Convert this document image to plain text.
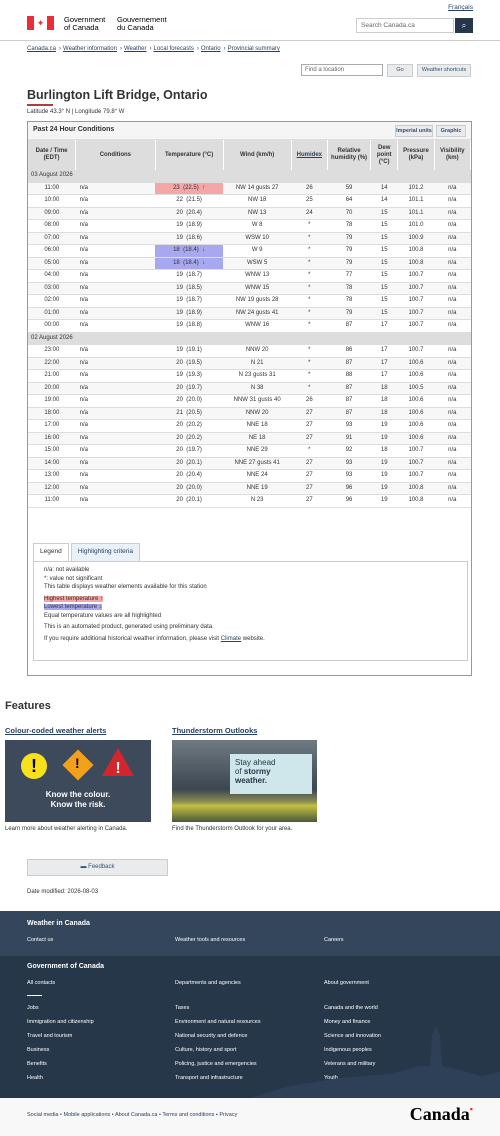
Français
✦	Government
of Canada
Gouvernement
du Canada	Search Canada.ca	⌕
Canada.ca › Weather information › Weather › Local forecasts › Ontario › Provincial summary
Find a location	Go	Weather shortcuts
Burlington Lift Bridge, Ontario
Latitude 43.3° N | Longitude 79.8° W
Past 24 Hour Conditions	Imperial units	Graphic
Date / Time (EDT)	Conditions	Temperature (°C)	Wind (km/h)	Humidex	Relative humidity (%)	Dew point (°C)	Pressure (kPa)	Visibility (km)
03 August 2026								
11:00	n/a	23  (22.5)  ↑	NW 14 gusts 27	26	59	14	101.2	n/a
10:00	n/a	22  (21.5)	NW 18	25	64	14	101.1	n/a
09:00	n/a	20  (20.4)	NW 13	24	70	15	101.1	n/a
08:00	n/a	19  (18.9)	W 8	*	78	15	101.0	n/a
07:00	n/a	19  (18.6)	WSW 10	*	79	15	100.9	n/a
06:00	n/a	18  (18.4)  ↓	W 9	*	79	15	100.8	n/a
05:00	n/a	18  (18.4)  ↓	WSW 5	*	79	15	100.8	n/a
04:00	n/a	19  (18.7)	WNW 13	*	77	15	100.7	n/a
03:00	n/a	19  (18.5)	WNW 15	*	78	15	100.7	n/a
02:00	n/a	19  (18.7)	NW 19 gusts 28	*	78	15	100.7	n/a
01:00	n/a	19  (18.9)	NW 24 gusts 41	*	79	15	100.7	n/a
00:00	n/a	19  (18.8)	WNW 16	*	87	17	100.7	n/a
02 August 2026								
23:00	n/a	19  (19.1)	NNW 20	*	86	17	100.7	n/a
22:00	n/a	20  (19.5)	N 21	*	87	17	100.6	n/a
21:00	n/a	19  (19.3)	N 23 gusts 31	*	88	17	100.6	n/a
20:00	n/a	20  (19.7)	N 38	*	87	18	100.5	n/a
19:00	n/a	20  (20.0)	NNW 31 gusts 40	26	87	18	100.6	n/a
18:00	n/a	21  (20.5)	NNW 20	27	87	18	100.6	n/a
17:00	n/a	20  (20.2)	NNE 18	27	93	19	100.6	n/a
16:00	n/a	20  (20.2)	NE 18	27	91	19	100.6	n/a
15:00	n/a	20  (19.7)	NNE 29	*	92	18	100.7	n/a
14:00	n/a	20  (20.1)	NNE 27 gusts 41	27	93	19	100.7	n/a
13:00	n/a	20  (20.4)	NNE 24	27	93	19	100.7	n/a
12:00	n/a	20  (20.0)	NNE 19	27	96	19	100.8	n/a
11:00	n/a	20  (20.1)	N 23	27	96	19	100.8	n/a
Legend	Highlighting criteria
n/a: not available
*: value not significant
This table displays weather elements available for this station
Highest temperature ↑
Lowest temperature ↓
Equal temperature values are all highlighted
This is an automated product, generated using preliminary data.
If you require additional historical weather information, please visit Climate website.
Features
Colour-coded weather alerts
!	! !
Know the colour.
Know the risk.
Learn more about weather alerting in Canada.
Thunderstorm Outlooks
Stay ahead
of stormy
weather.
Find the Thunderstorm Outlook for your area.
▬ Feedback
Date modified: 2026-08-03
Weather in Canada
Contact us	Weather tools and resources	Careers
Government of Canada
All contacts	Departments and agencies	About government
Jobs
Immigration and citizenship
Travel and tourism
Business
Benefits
Health
Taxes
Environment and natural resources
National security and defence
Culture, history and sport
Policing, justice and emergencies
Transport and infrastructure
Canada and the world
Money and finance
Science and innovation
Indigenous peoples
Veterans and military
Youth
Social media • Mobile applications • About Canada.ca • Terms and conditions • Privacy	Canada▪
